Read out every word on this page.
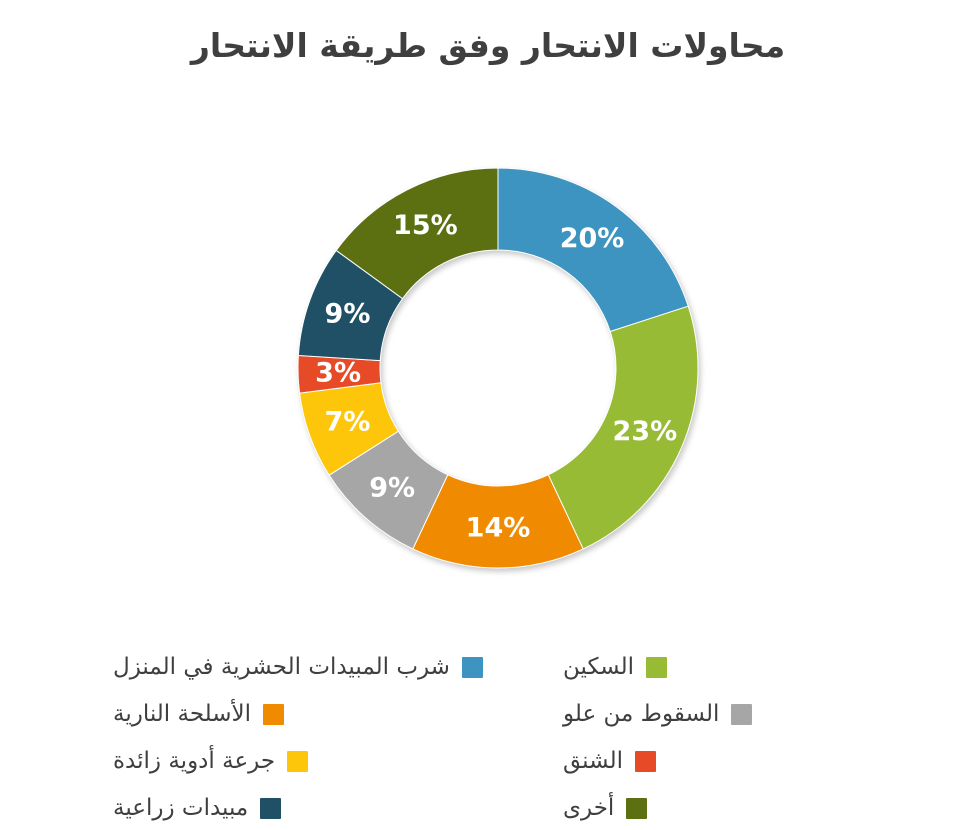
محاولات الانتحار وفق طريقة الانتحار
20%
23%
14%
9%
7%
3%
9%
15%
شرب المبيدات الحشرية في المنزل
الأسلحة النارية
جرعة أدوية زائدة
مبيدات زراعية
السكين
السقوط من علو
الشنق
أخرى
